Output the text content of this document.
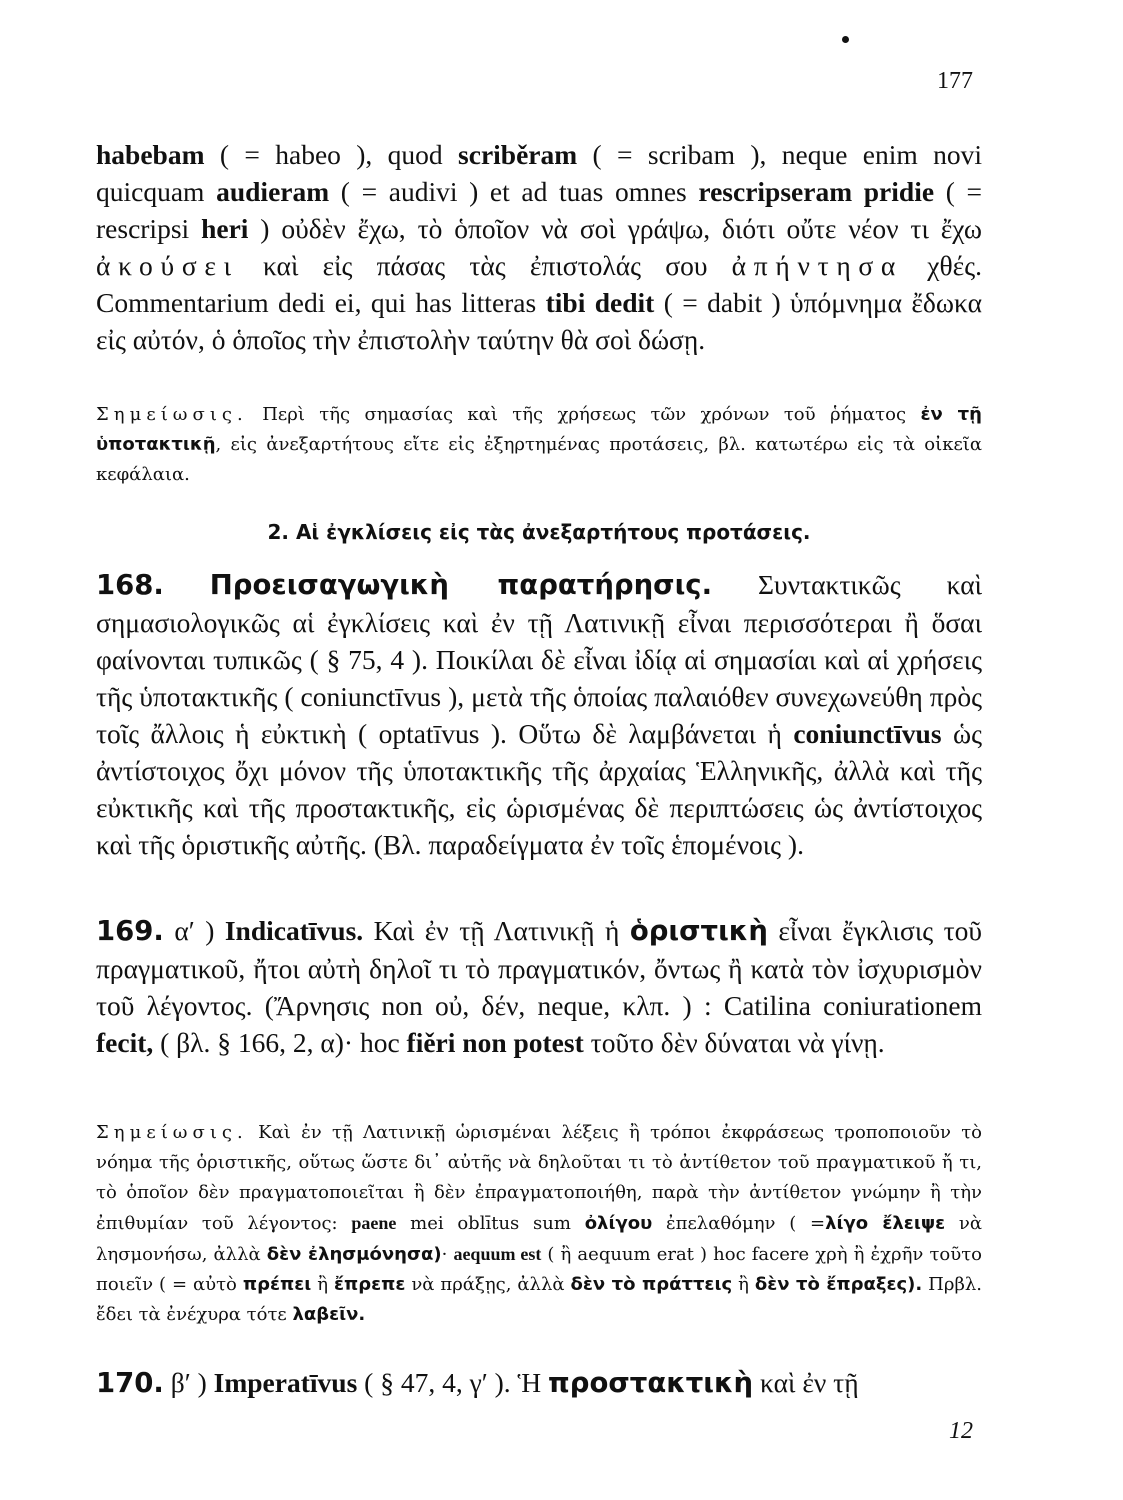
177

habebam ( = habeo ), quod scriběram ( = scribam ), neque enim novi quicquam audieram ( = audivi ) et ad tuas omnes rescripseram pridie ( = rescripsi heri ) οὐδὲν ἔχω, τὸ ὁποῖον νὰ σοὶ γράψω, διότι οὔτε νέον τι ἔχω ἀκούσει καὶ εἰς πάσας τὰς ἐπιστολάς σου ἀπήντησα χθές. Commentarium dedi ei, qui has litteras tibi dedit ( = dabit ) ὑπόμνημα ἔδωκα εἰς αὐτόν, ὁ ὁποῖος τὴν ἐπιστολὴν ταύτην θὰ σοὶ δώσῃ.

Σημείωσις. Περὶ τῆς σημασίας καὶ τῆς χρήσεως τῶν χρόνων τοῦ ῥήματος ἐν τῇ ὑποτακτικῇ, εἰς ἀνεξαρτήτους εἴτε εἰς ἐξηρτημένας προτάσεις, βλ. κατωτέρω εἰς τὰ οἰκεῖα κεφάλαια.

2. Αἱ ἐγκλίσεις εἰς τὰς ἀνεξαρτήτους προτάσεις.

168. Προεισαγωγικὴ παρατήρησις. Συντακτικῶς καὶ σημασιολογικῶς αἱ ἐγκλίσεις καὶ ἐν τῇ Λατινικῇ εἶναι περισσότεραι ἢ ὅσαι φαίνονται τυπικῶς ( § 75, 4 ). Ποικίλαι δὲ εἶναι ἰδίᾳ αἱ σημασίαι καὶ αἱ χρήσεις τῆς ὑποτακτικῆς ( coniunctīvus ), μετὰ τῆς ὁποίας παλαιόθεν συνεχωνεύθη πρὸς τοῖς ἄλλοις ἡ εὐκτικὴ ( optatīvus ). Οὕτω δὲ λαμβάνεται ἡ coniunctīvus ὡς ἀντίστοιχος ὄχι μόνον τῆς ὑποτακτικῆς τῆς ἀρχαίας Ἑλληνικῆς, ἀλλὰ καὶ τῆς εὐκτικῆς καὶ τῆς προστακτικῆς, εἰς ὡρισμένας δὲ περιπτώσεις ὡς ἀντίστοιχος καὶ τῆς ὁριστικῆς αὐτῆς. (Βλ. παραδείγματα ἐν τοῖς ἑπομένοις ).

169. α′ ) Indicatīvus. Καὶ ἐν τῇ Λατινικῇ ἡ ὁριστικὴ εἶναι ἔγκλισις τοῦ πραγματικοῦ, ἤτοι αὐτὴ δηλοῖ τι τὸ πραγματικόν, ὄντως ἢ κατὰ τὸν ἰσχυρισμὸν τοῦ λέγοντος. (Ἄρνησις non οὐ, δέν, neque, κλπ. ) : Catilina coniurationem fecit, ( βλ. § 166, 2, α)· hoc fiěri non potest τοῦτο δὲν δύναται νὰ γίνῃ.

Σημείωσις. Καὶ ἐν τῇ Λατινικῇ ὡρισμέναι λέξεις ἢ τρόποι ἐκφράσεως τροποποιοῦν τὸ νόημα τῆς ὁριστικῆς, οὕτως ὥστε δι᾽ αὐτῆς νὰ δηλοῦται τι τὸ ἀντίθετον τοῦ πραγματικοῦ ἤ τι, τὸ ὁποῖον δὲν πραγματοποιεῖται ἢ δὲν ἐπραγματοποιήθη, παρὰ τὴν ἀντίθετον γνώμην ἢ τὴν ἐπιθυμίαν τοῦ λέγοντος: paene mei oblītus sum ὀλίγου ἐπελαθόμην ( =λίγο ἔλειψε νὰ λησμονήσω, ἀλλὰ δὲν ἐλησμόνησα)· aequum est ( ἢ aequum erat ) hoc facere χρὴ ἢ ἐχρῆν τοῦτο ποιεῖν ( = αὐτὸ πρέπει ἢ ἔπρεπε νὰ πράξῃς, ἀλλὰ δὲν τὸ πράττεις ἢ δὲν τὸ ἔπραξες). Πρβλ. ἔδει τὰ ἐνέχυρα τότε λαβεῖν.

170. β′ ) Imperatīvus ( § 47, 4, γ′ ). Ἡ προστακτικὴ καὶ ἐν τῇ

12
